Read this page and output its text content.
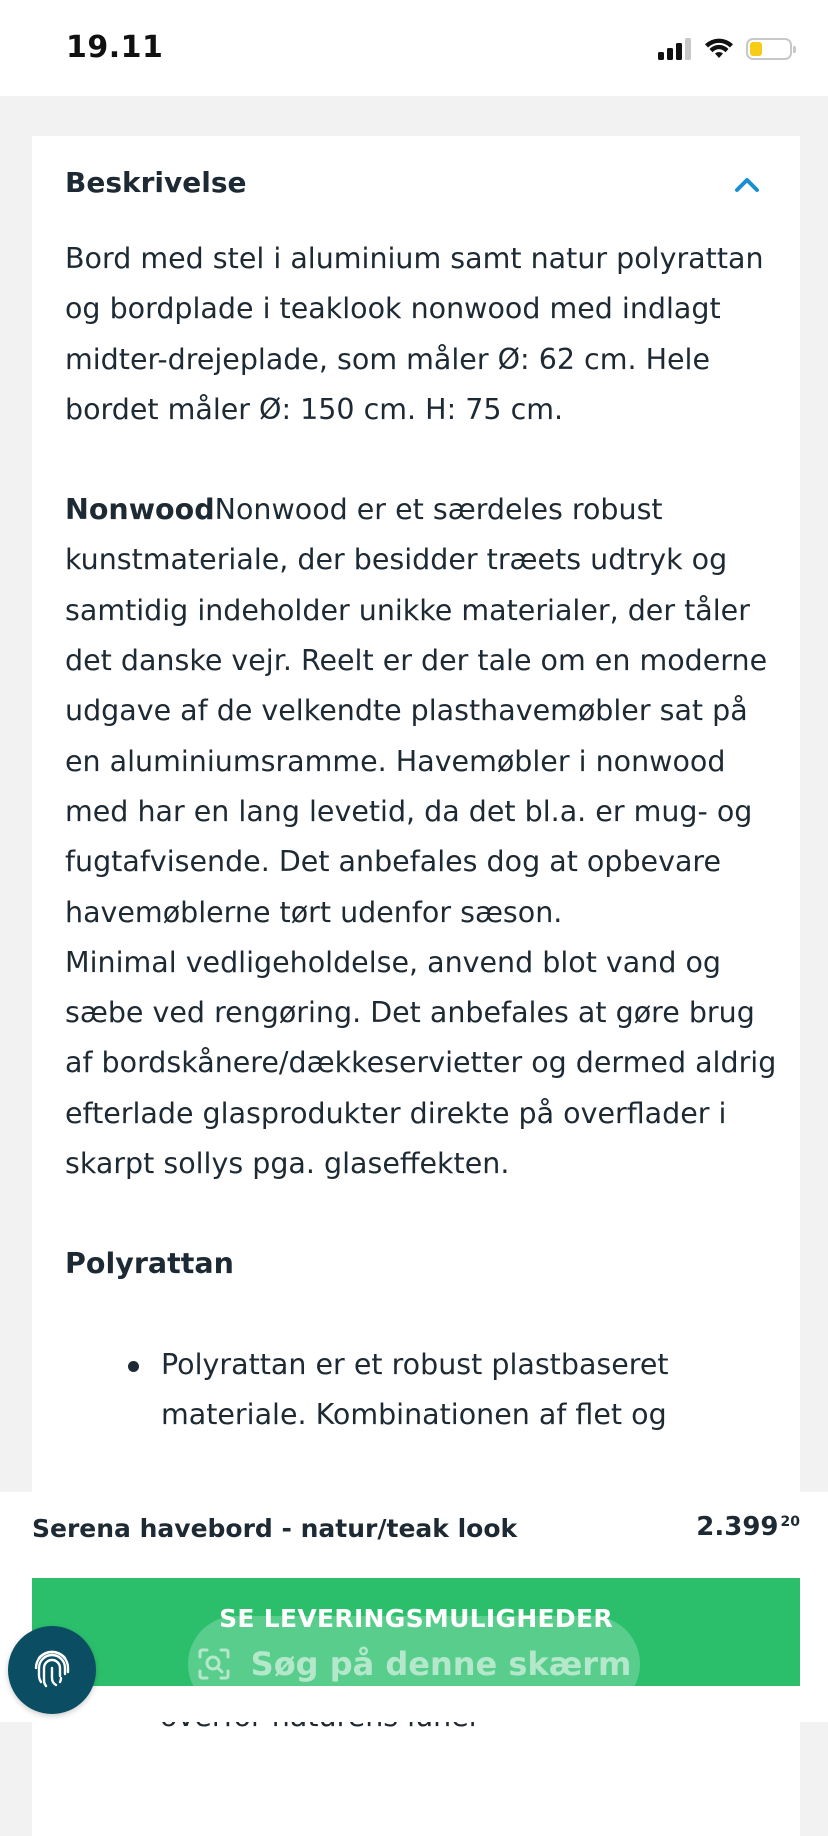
19.11
Beskrivelse

Bord med stel i aluminium samt natur polyrattan og bordplade i teaklook nonwood med indlagt midter-drejeplade, som måler Ø: 62 cm. Hele bordet måler Ø: 150 cm. H: 75 cm.

NonwoodNonwood er et særdeles robust kunstmateriale, der besidder træets udtryk og samtidig indeholder unikke materialer, der tåler det danske vejr. Reelt er der tale om en moderne udgave af de velkendte plasthavemøbler sat på en aluminiumsramme. Havemøbler i nonwood med har en lang levetid, da det bl.a. er mug- og fugtafvisende. Det anbefales dog at opbevare havemøblerne tørt udenfor sæson.

Minimal vedligeholdelse, anvend blot vand og sæbe ved rengøring. Det anbefales at gøre brug af bordskånere/dækkeservietter og dermed aldrig efterlade glasprodukter direkte på overflader i skarpt sollys pga. glaseffekten.

Polyrattan

Polyrattan er et robust plastbaseret materiale. Kombinationen af flet og
Serena havebord - natur/teak look	2.399 $^{20}$
SE LEVERINGSMULIGHEDER
Søg på denne skærm
